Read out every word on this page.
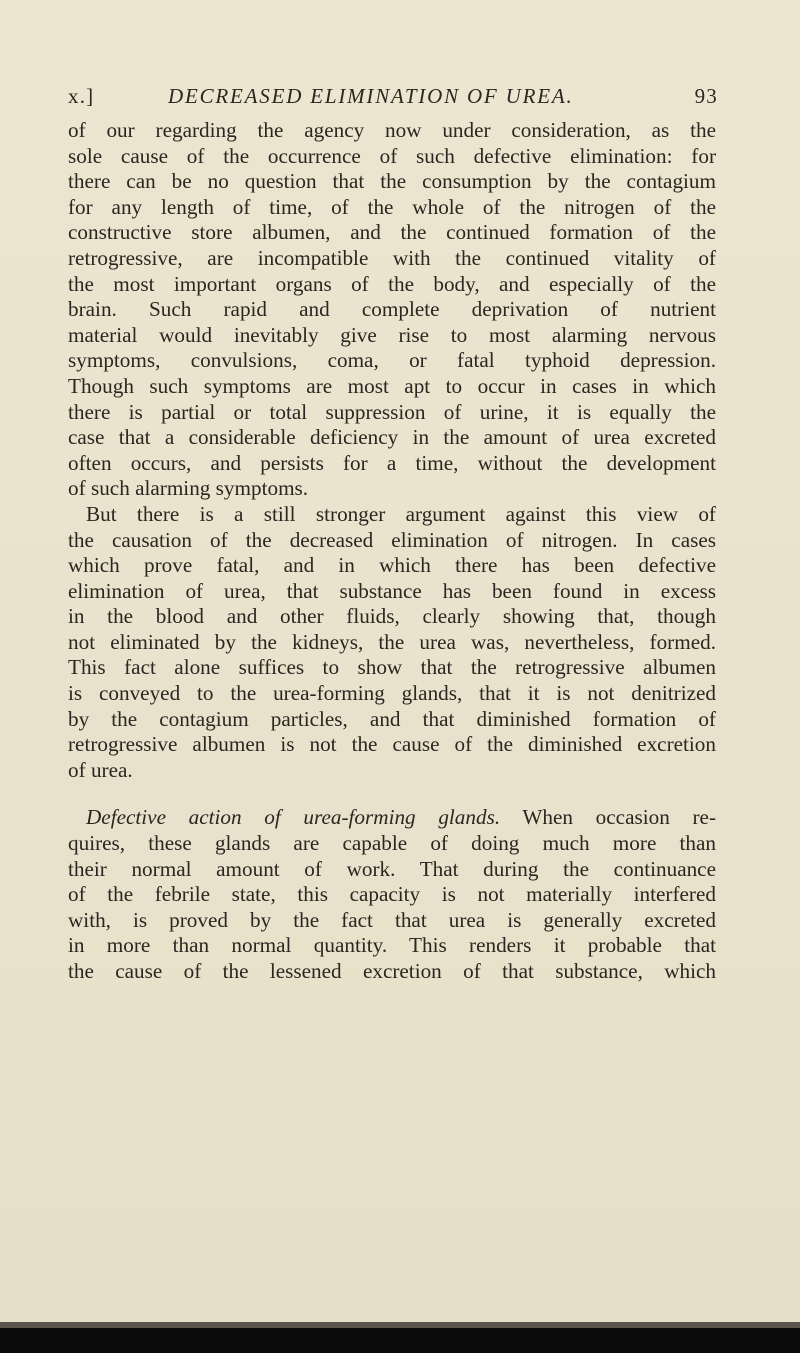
x.]	DECREASED ELIMINATION OF UREA.	93
of our regarding the agency now under consideration, as the
sole cause of the occurrence of such defective elimination: for
there can be no question that the consumption by the contagium
for any length of time, of the whole of the nitrogen of the
constructive store albumen, and the continued formation of the
retrogressive, are incompatible with the continued vitality of
the most important organs of the body, and especially of the
brain. Such rapid and complete deprivation of nutrient
material would inevitably give rise to most alarming nervous
symptoms, convulsions, coma, or fatal typhoid depression.
Though such symptoms are most apt to occur in cases in which
there is partial or total suppression of urine, it is equally the
case that a considerable deficiency in the amount of urea excreted
often occurs, and persists for a time, without the development
of such alarming symptoms.
But there is a still stronger argument against this view of
the causation of the decreased elimination of nitrogen. In cases
which prove fatal, and in which there has been defective
elimination of urea, that substance has been found in excess
in the blood and other fluids, clearly showing that, though
not eliminated by the kidneys, the urea was, nevertheless, formed.
This fact alone suffices to show that the retrogressive albumen
is conveyed to the urea-forming glands, that it is not denitrized
by the contagium particles, and that diminished formation of
retrogressive albumen is not the cause of the diminished excretion
of urea.
Defective action of urea-forming glands. When occasion re-
quires, these glands are capable of doing much more than
their normal amount of work. That during the continuance
of the febrile state, this capacity is not materially interfered
with, is proved by the fact that urea is generally excreted
in more than normal quantity. This renders it probable that
the cause of the lessened excretion of that substance, which
